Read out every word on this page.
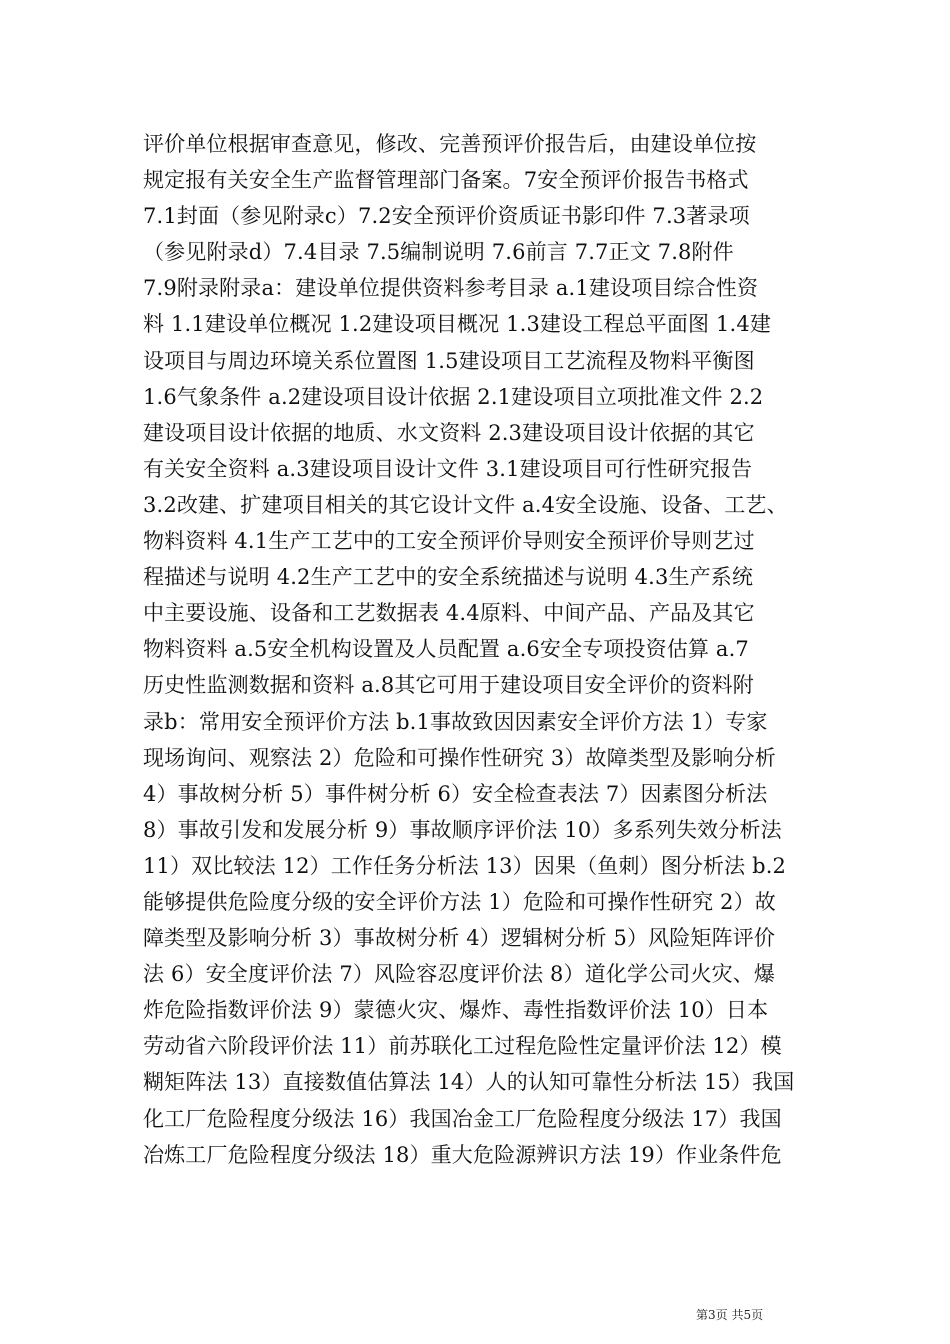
评价单位根据审查意见，修改、完善预评价报告后，由建设单位按
规定报有关安全生产监督管理部门备案。7安全预评价报告书格式
7.1封面（参见附录c）7.2安全预评价资质证书影印件 7.3著录项
（参见附录d）7.4目录 7.5编制说明 7.6前言 7.7正文 7.8附件
7.9附录附录a：建设单位提供资料参考目录 a.1建设项目综合性资
料 1.1建设单位概况 1.2建设项目概况 1.3建设工程总平面图 1.4建
设项目与周边环境关系位置图 1.5建设项目工艺流程及物料平衡图
1.6气象条件 a.2建设项目设计依据 2.1建设项目立项批准文件 2.2
建设项目设计依据的地质、水文资料 2.3建设项目设计依据的其它
有关安全资料 a.3建设项目设计文件 3.1建设项目可行性研究报告
3.2改建、扩建项目相关的其它设计文件 a.4安全设施、设备、工艺、
物料资料 4.1生产工艺中的工安全预评价导则安全预评价导则艺过
程描述与说明 4.2生产工艺中的安全系统描述与说明 4.3生产系统
中主要设施、设备和工艺数据表 4.4原料、中间产品、产品及其它
物料资料 a.5安全机构设置及人员配置 a.6安全专项投资估算 a.7
历史性监测数据和资料 a.8其它可用于建设项目安全评价的资料附
录b：常用安全预评价方法 b.1事故致因因素安全评价方法 1）专家
现场询问、观察法 2）危险和可操作性研究 3）故障类型及影响分析
4）事故树分析 5）事件树分析 6）安全检查表法 7）因素图分析法
8）事故引发和发展分析 9）事故顺序评价法 10）多系列失效分析法
11）双比较法 12）工作任务分析法 13）因果（鱼刺）图分析法 b.2
能够提供危险度分级的安全评价方法 1）危险和可操作性研究 2）故
障类型及影响分析 3）事故树分析 4）逻辑树分析 5）风险矩阵评价
法 6）安全度评价法 7）风险容忍度评价法 8）道化学公司火灾、爆
炸危险指数评价法 9）蒙德火灾、爆炸、毒性指数评价法 10）日本
劳动省六阶段评价法 11）前苏联化工过程危险性定量评价法 12）模
糊矩阵法 13）直接数值估算法 14）人的认知可靠性分析法 15）我国
化工厂危险程度分级法 16）我国冶金工厂危险程度分级法 17）我国
冶炼工厂危险程度分级法 18）重大危险源辨识方法 19）作业条件危
第3页 共5页
